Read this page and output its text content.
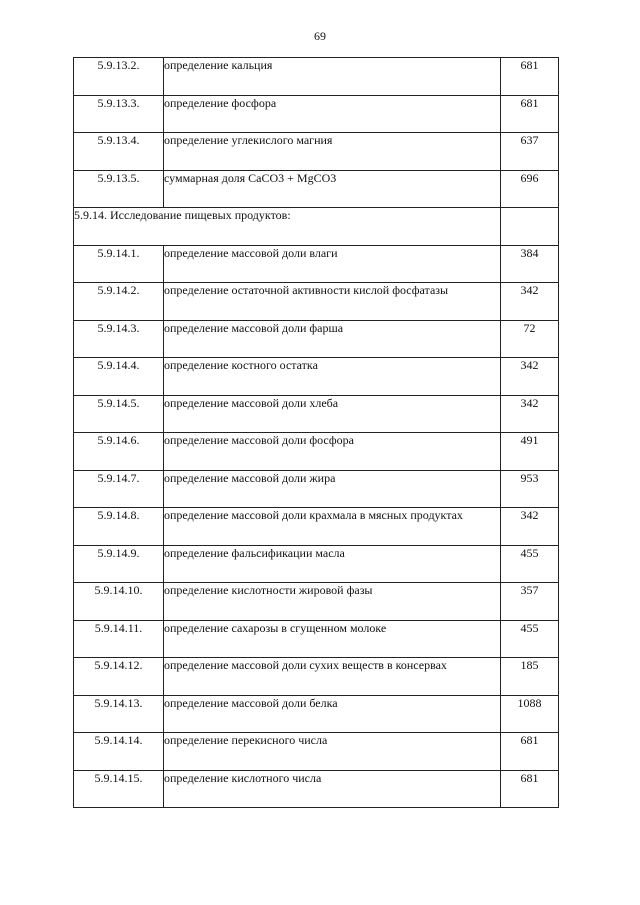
69
5.9.13.2.	определение кальция	681
5.9.13.3.	определение фосфора	681
5.9.13.4.	определение углекислого магния	637
5.9.13.5.	суммарная доля CaCO3 + MgCO3	696
5.9.14. Исследование пищевых продуктов:		
5.9.14.1.	определение массовой доли влаги	384
5.9.14.2.	определение остаточной активности кислой фосфатазы	342
5.9.14.3.	определение массовой доли фарша	72
5.9.14.4.	определение костного остатка	342
5.9.14.5.	определение массовой доли хлеба	342
5.9.14.6.	определение массовой доли фосфора	491
5.9.14.7.	определение массовой доли жира	953
5.9.14.8.	определение массовой доли крахмала в мясных продуктах	342
5.9.14.9.	определение фальсификации масла	455
5.9.14.10.	определение кислотности жировой фазы	357
5.9.14.11.	определение сахарозы в сгущенном молоке	455
5.9.14.12.	определение массовой доли сухих веществ в консервах	185
5.9.14.13.	определение массовой доли белка	1088
5.9.14.14.	определение перекисного числа	681
5.9.14.15.	определение кислотного числа	681
